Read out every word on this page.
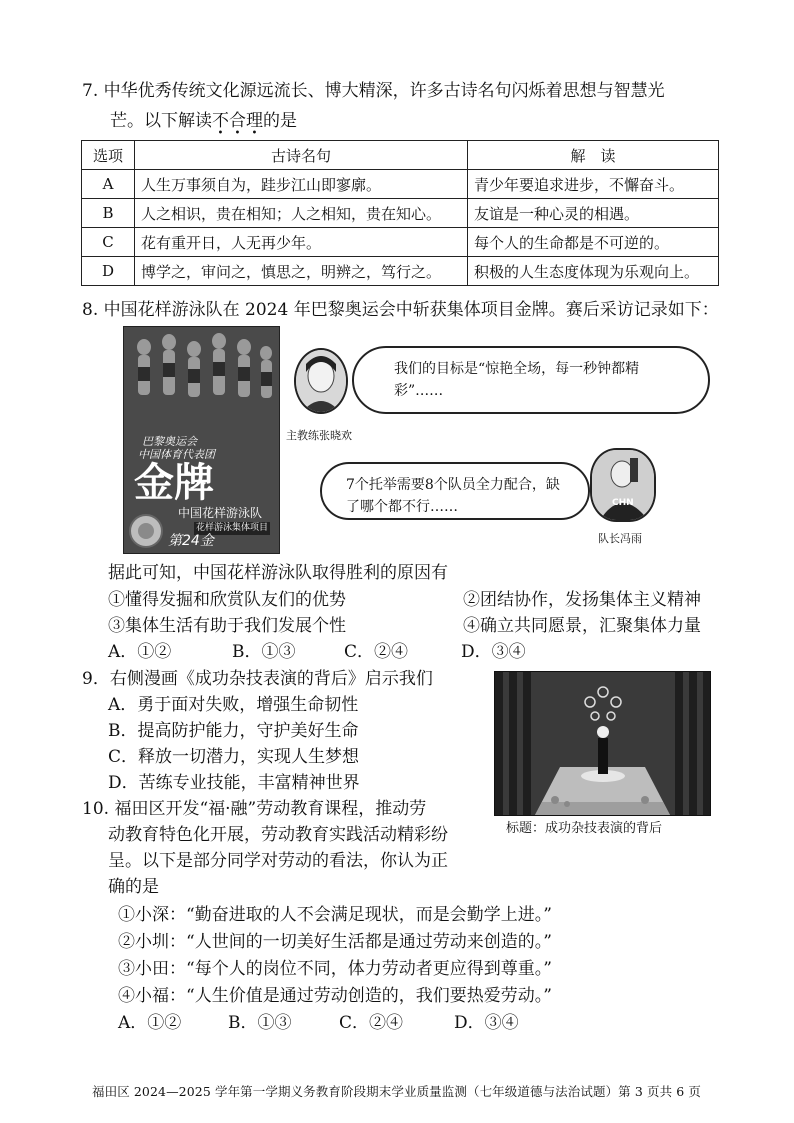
7. 中华优秀传统文化源远流长、博大精深，许多古诗名句闪烁着思想与智慧光
芒。以下解读不合理的是
选项	古诗名句	解　读
A	人生万事须自为，跬步江山即寥廓。	青少年要追求进步，不懈奋斗。
B	人之相识，贵在相知；人之相知，贵在知心。	友谊是一种心灵的相遇。
C	花有重开日，人无再少年。	每个人的生命都是不可逆的。
D	博学之，审问之，慎思之，明辨之，笃行之。	积极的人生态度体现为乐观向上。
8. 中国花样游泳队在 2024 年巴黎奥运会中斩获集体项目金牌。赛后采访记录如下：
巴黎奥运会
中国体育代表团
金牌
中国花样游泳队
花样游泳集体项目
第24金
主教练张晓欢
我们的目标是“惊艳全场，每一秒钟都精彩”……
7个托举需要8个队员全力配合，缺了哪个都不行……	CHN
队长冯雨
据此可知，中国花样游泳队取得胜利的原因有
①懂得发掘和欣赏队友们的优势	②团结协作，发扬集体主义精神
③集体生活有助于我们发展个性	④确立共同愿景，汇聚集体力量
A．①②	B．①③	C．②④	D．③④
9．右侧漫画《成功杂技表演的背后》启示我们
A．勇于面对失败，增强生命韧性
B．提高防护能力，守护美好生命
C．释放一切潜力，实现人生梦想
D．苦练专业技能，丰富精神世界
标题：成功杂技表演的背后
10. 福田区开发“福·融”劳动教育课程，推动劳
动教育特色化开展，劳动教育实践活动精彩纷
呈。以下是部分同学对劳动的看法，你认为正
确的是
①小深：“勤奋进取的人不会满足现状，而是会勤学上进。”
②小圳：“人世间的一切美好生活都是通过劳动来创造的。”
③小田：“每个人的岗位不同，体力劳动者更应得到尊重。”
④小福：“人生价值是通过劳动创造的，我们要热爱劳动。”
A．①②	B．①③	C．②④	D．③④
福田区 2024—2025 学年第一学期义务教育阶段期末学业质量监测（七年级道德与法治试题）第 3 页共 6 页
